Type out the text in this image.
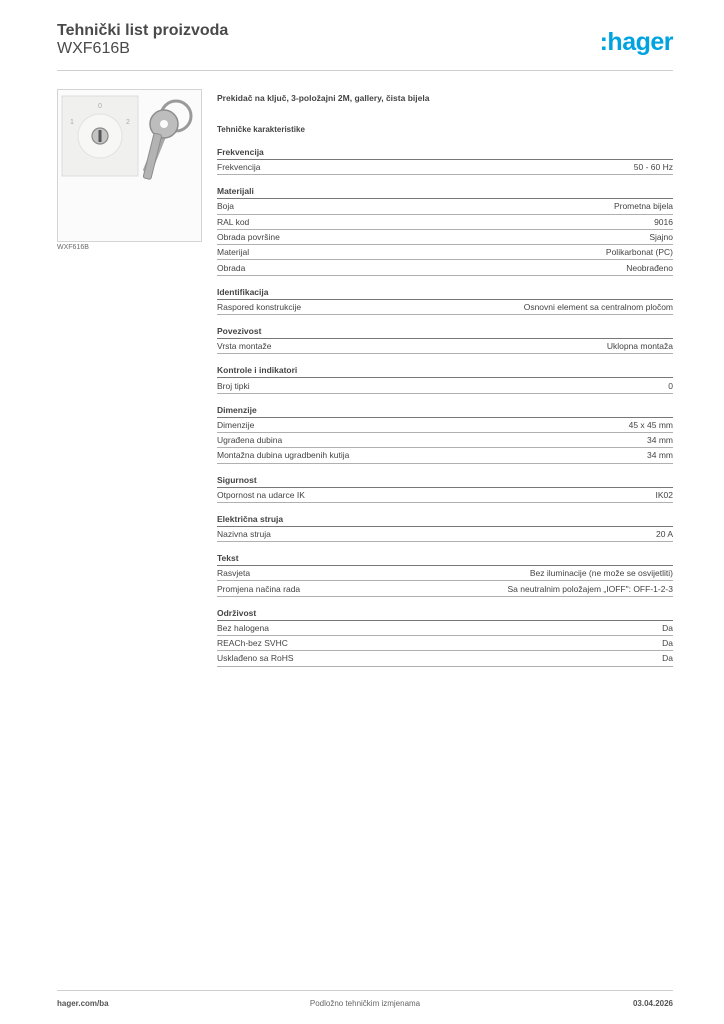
Tehnički list proizvoda
WXF616B	:hager
0
1	2
WXF616B
Prekidač na ključ, 3-položajni 2M, gallery, čista bijela
Tehničke karakteristike
Frekvencija
Frekvencija	50 - 60 Hz
Materijali
Boja	Prometna bijela
RAL kod	9016
Obrada površine	Sjajno
Materijal	Polikarbonat (PC)
Obrada	Neobrađeno
Identifikacija
Raspored konstrukcije	Osnovni element sa centralnom pločom
Povezivost
Vrsta montaže	Uklopna montaža
Kontrole i indikatori
Broj tipki	0
Dimenzije
Dimenzije	45 x 45 mm
Ugrađena dubina	34 mm
Montažna dubina ugradbenih kutija	34 mm
Sigurnost
Otpornost na udarce IK	IK02
Električna struja
Nazivna struja	20 A
Tekst
Rasvjeta	Bez iluminacije (ne može se osvijetliti)
Promjena načina rada	Sa neutralnim položajem „IOFF": OFF-1-2-3
Održivost
Bez halogena	Da
REACh-bez SVHC	Da
Usklađeno sa RoHS	Da
hager.com/ba	Podložno tehničkim izmjenama	03.04.2026
